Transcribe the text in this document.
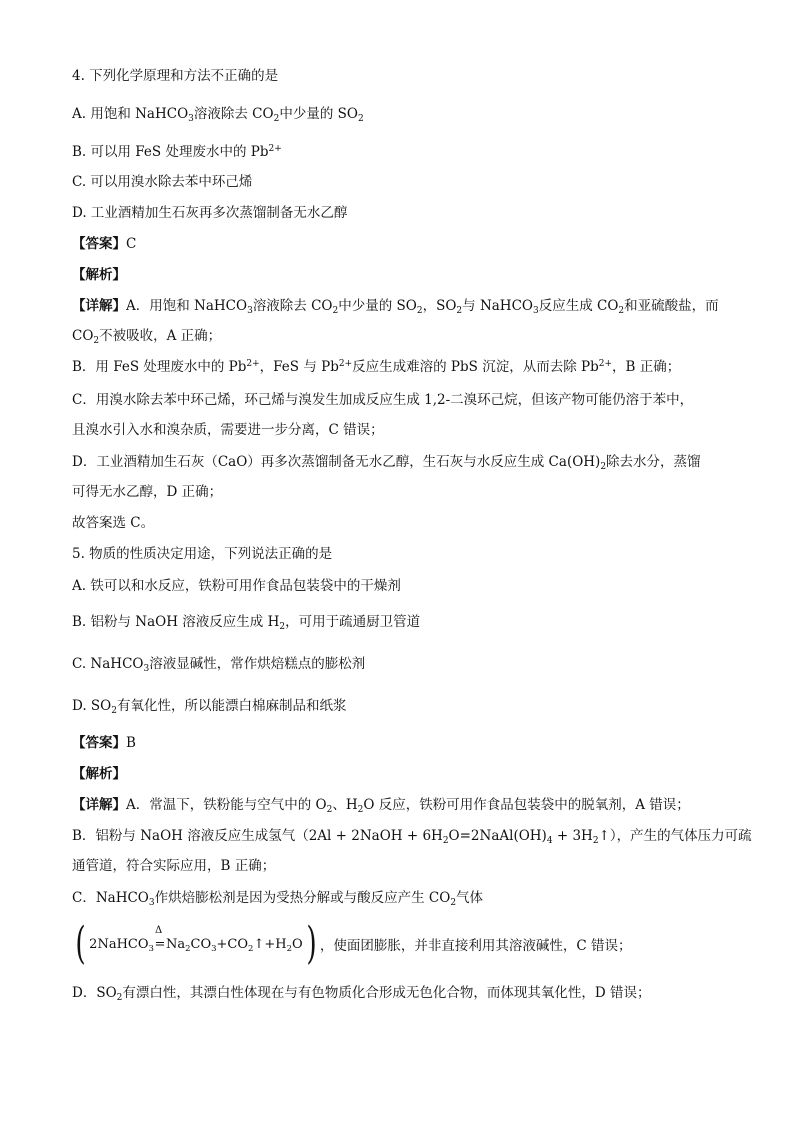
4. 下列化学原理和方法不正确的是
A. 用饱和 NaHCO$_3$溶液除去 $CO_2$中少量的 $SO_2$
B. 可以用 FeS 处理废水中的 $Pb^{2+}$
C. 可以用溴水除去苯中环己烯
D. 工业酒精加生石灰再多次蒸馏制备无水乙醇
【答案】C
【解析】
【详解】A．用饱和 NaHCO$_3$溶液除去 $CO_2$中少量的 $SO_2$，$SO_2$与 NaHCO$_3$反应生成 $CO_2$和亚硫酸盐，而
$CO_2$不被吸收，A 正确；
B．用 FeS 处理废水中的 $Pb^{2+}$，FeS 与 $Pb^{2+}$反应生成难溶的 PbS 沉淀，从而去除 $Pb^{2+}$，B 正确；
C．用溴水除去苯中环己烯，环己烯与溴发生加成反应生成 1,2-二溴环己烷，但该产物可能仍溶于苯中，
且溴水引入水和溴杂质，需要进一步分离，C 错误；
D．工业酒精加生石灰（CaO）再多次蒸馏制备无水乙醇，生石灰与水反应生成 $Ca(OH)_2$除去水分，蒸馏
可得无水乙醇，D 正确；
故答案选 C。
5. 物质的性质决定用途，下列说法正确的是
A. 铁可以和水反应，铁粉可用作食品包装袋中的干燥剂
B. 铝粉与 NaOH 溶液反应生成 $H_2$，可用于疏通厨卫管道
C. NaHCO$_3$溶液显碱性，常作烘焙糕点的膨松剂
D. $SO_2$有氧化性，所以能漂白棉麻制品和纸浆
【答案】B
【解析】
【详解】A．常温下，铁粉能与空气中的 $O_2$、$H_2O$ 反应，铁粉可用作食品包装袋中的脱氧剂，A 错误；
B．铝粉与 NaOH 溶液反应生成氢气（2Al + 2NaOH + $6H_2O=2NaAl(OH)_4$ + $3H_2↑$），产生的气体压力可疏
通管道，符合实际应用，B 正确；
C．NaHCO$_3$作烘焙膨松剂是因为受热分解或与酸反应产生 $CO_2$气体
( 2NaHCO$_3$
Δ
$=Na_2CO_3+CO_2↑+H_2O$ ) ，使面团膨胀，并非直接利用其溶液碱性，C 错误；
D．$SO_2$有漂白性，其漂白性体现在与有色物质化合形成无色化合物，而体现其氧化性，D 错误；
